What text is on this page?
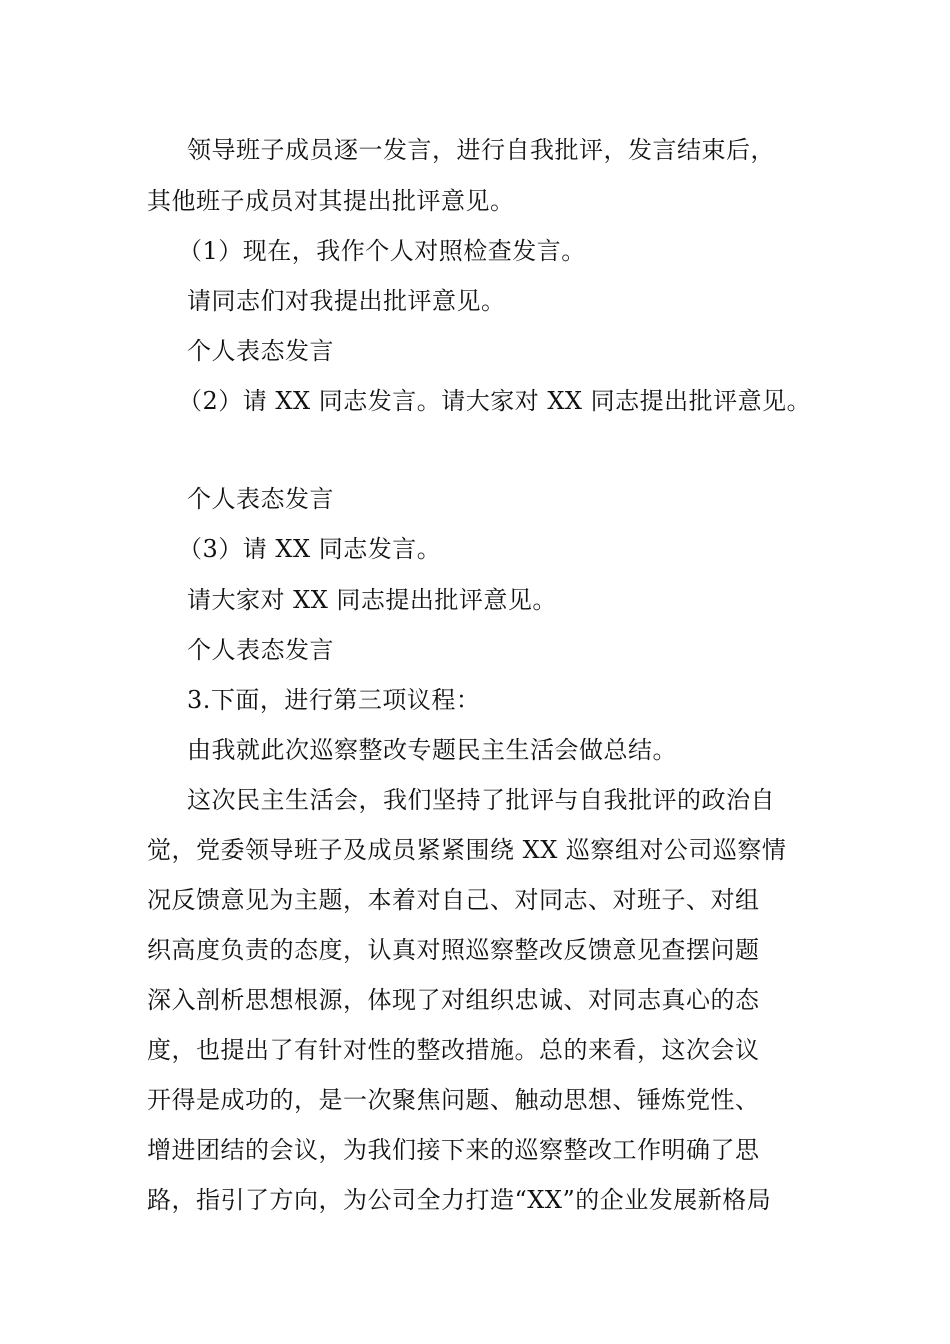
领导班子成员逐一发言，进行自我批评，发言结束后，
其他班子成员对其提出批评意见。
（1）现在，我作个人对照检查发言。
请同志们对我提出批评意见。
个人表态发言
（2）请 XX 同志发言。请大家对 XX 同志提出批评意见。
个人表态发言
（3）请 XX 同志发言。
请大家对 XX 同志提出批评意见。
个人表态发言
3.下面，进行第三项议程：
由我就此次巡察整改专题民主生活会做总结。
这次民主生活会，我们坚持了批评与自我批评的政治自
觉，党委领导班子及成员紧紧围绕 XX 巡察组对公司巡察情
况反馈意见为主题，本着对自己、对同志、对班子、对组
织高度负责的态度，认真对照巡察整改反馈意见查摆问题
深入剖析思想根源，体现了对组织忠诚、对同志真心的态
度，也提出了有针对性的整改措施。总的来看，这次会议
开得是成功的，是一次聚焦问题、触动思想、锤炼党性、
增进团结的会议，为我们接下来的巡察整改工作明确了思
路，指引了方向，为公司全力打造“XX”的企业发展新格局
